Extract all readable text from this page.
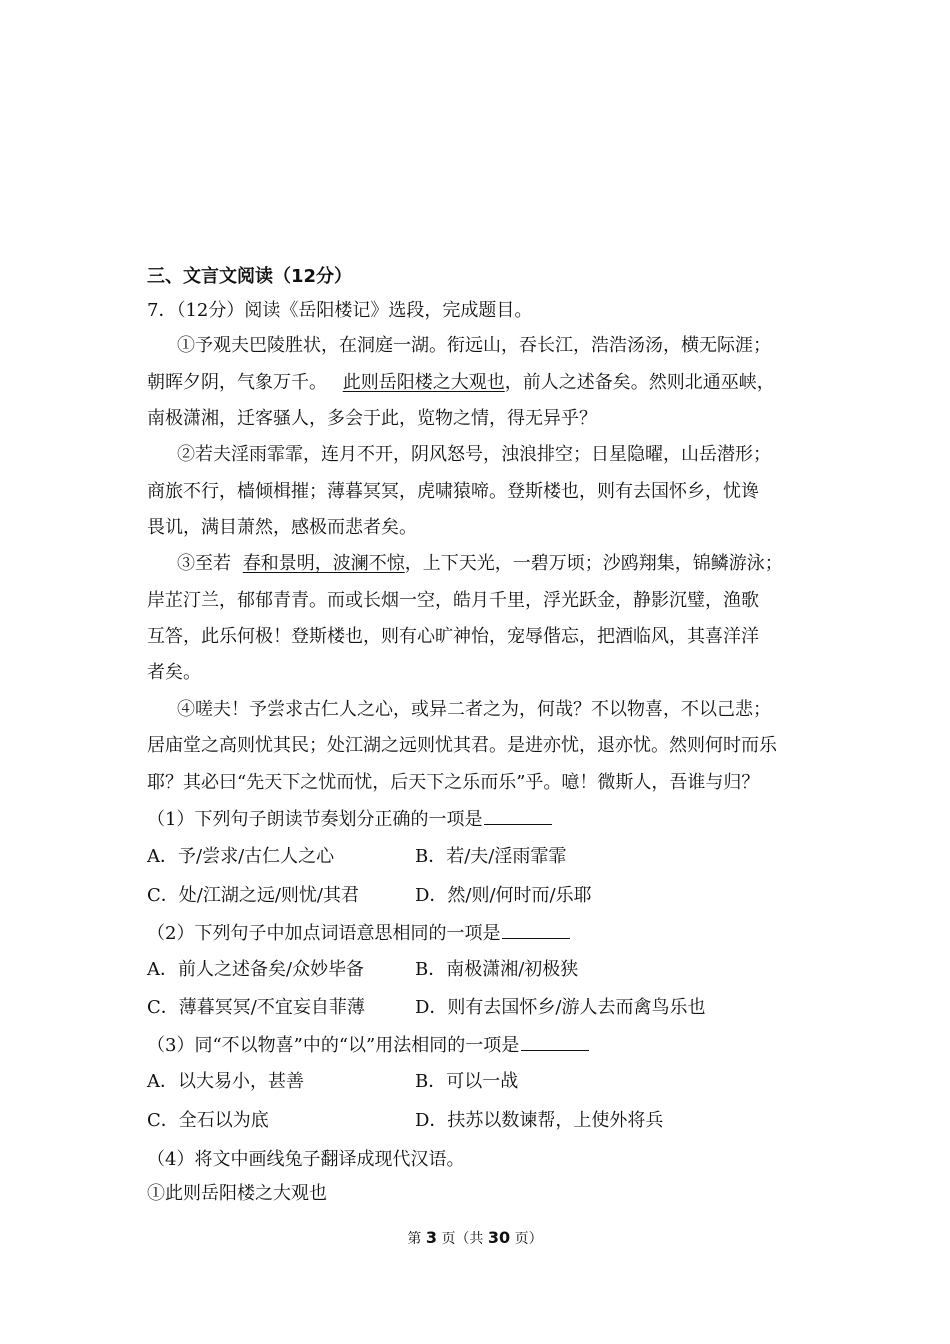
三、文言文阅读（12分）
7．（12分）阅读《岳阳楼记》选段，完成题目。
①予观夫巴陵胜状，在洞庭一湖。衔远山，吞长江，浩浩汤汤，横无际涯；
朝晖夕阴，气象万千。 此则岳阳楼之大观也，前人之述备矣。然则北通巫峡，
南极潇湘，迁客骚人，多会于此，览物之情，得无异乎？
②若夫淫雨霏霏，连月不开，阴风怒号，浊浪排空；日星隐曜，山岳潜形；
商旅不行，樯倾楫摧；薄暮冥冥，虎啸猿啼。登斯楼也，则有去国怀乡，忧谗
畏讥，满目萧然，感极而悲者矣。
③至若 春和景明，波澜不惊，上下天光，一碧万顷；沙鸥翔集，锦鳞游泳；
岸芷汀兰，郁郁青青。而或长烟一空，皓月千里，浮光跃金，静影沉璧，渔歌
互答，此乐何极！登斯楼也，则有心旷神怡，宠辱偕忘，把酒临风，其喜洋洋
者矣。
④嗟夫！予尝求古仁人之心，或异二者之为，何哉？不以物喜，不以己悲；
居庙堂之高则忧其民；处江湖之远则忧其君。是进亦忧，退亦忧。然则何时而乐
耶？其必曰“先天下之忧而忧，后天下之乐而乐”乎。噫！微斯人，吾谁与归？
（1）下列句子朗读节奏划分正确的一项是
A．予/尝求/古仁人之心	B．若/夫/淫雨霏霏
C．处/江湖之远/则忧/其君	D．然/则/何时而/乐耶
（2）下列句子中加点词语意思相同的一项是
A．前人之述备矣/众妙毕备	B．南极潇湘/初极狭
C．薄暮冥冥/不宜妄自菲薄	D．则有去国怀乡/游人去而禽鸟乐也
（3）同“不以物喜”中的“以”用法相同的一项是
A．以大易小，甚善	B．可以一战
C．全石以为底	D．扶苏以数谏帮，上使外将兵
（4）将文中画线兔子翻译成现代汉语。
①此则岳阳楼之大观也
第 3 页（共 30 页）
